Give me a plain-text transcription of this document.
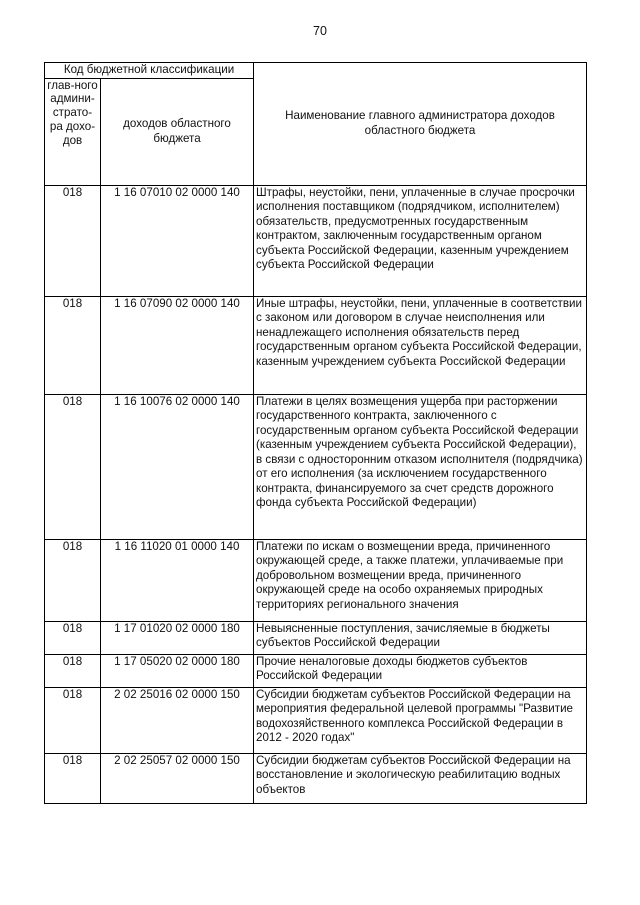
70
Код бюджетной классификации		Наименование главного администратора доходов областного бюджета
глав-ного админи-страто-ра дохо-дов	доходов областного бюджета	
018	1 16 07010 02 0000 140	Штрафы, неустойки, пени, уплаченные в случае просрочки исполнения поставщиком (подрядчиком, исполнителем) обязательств, предусмотренных государственным контрактом, заключенным государственным органом субъекта Российской Федерации, казенным учреждением субъекта Российской Федерации
018	1 16 07090 02 0000 140	Иные штрафы, неустойки, пени, уплаченные в соответствии с законом или договором в случае неисполнения или ненадлежащего исполнения обязательств перед государственным органом субъекта Российской Федерации, казенным учреждением субъекта Российской Федерации
018	1 16 10076 02 0000 140	Платежи в целях возмещения ущерба при расторжении государственного контракта, заключенного с государственным органом субъекта Российской Федерации (казенным учреждением субъекта Российской Федерации), в связи с односторонним отказом исполнителя (подрядчика) от его исполнения (за исключением государственного контракта, финансируемого за счет средств дорожного фонда субъекта Российской Федерации)
018	1 16 11020 01 0000 140	Платежи по искам о возмещении вреда, причиненного окружающей среде, а также платежи, уплачиваемые при добровольном возмещении вреда, причиненного окружающей среде на особо охраняемых природных территориях регионального значения
018	1 17 01020 02 0000 180	Невыясненные поступления, зачисляемые в бюджеты субъектов Российской Федерации
018	1 17 05020 02 0000 180	Прочие неналоговые доходы бюджетов субъектов Российской Федерации
018	2 02 25016 02 0000 150	Субсидии бюджетам субъектов Российской Федерации на мероприятия федеральной целевой программы "Развитие водохозяйственного комплекса Российской Федерации в 2012 - 2020 годах"
018	2 02 25057 02 0000 150	Субсидии бюджетам субъектов Российской Федерации на восстановление и экологическую реабилитацию водных объектов
